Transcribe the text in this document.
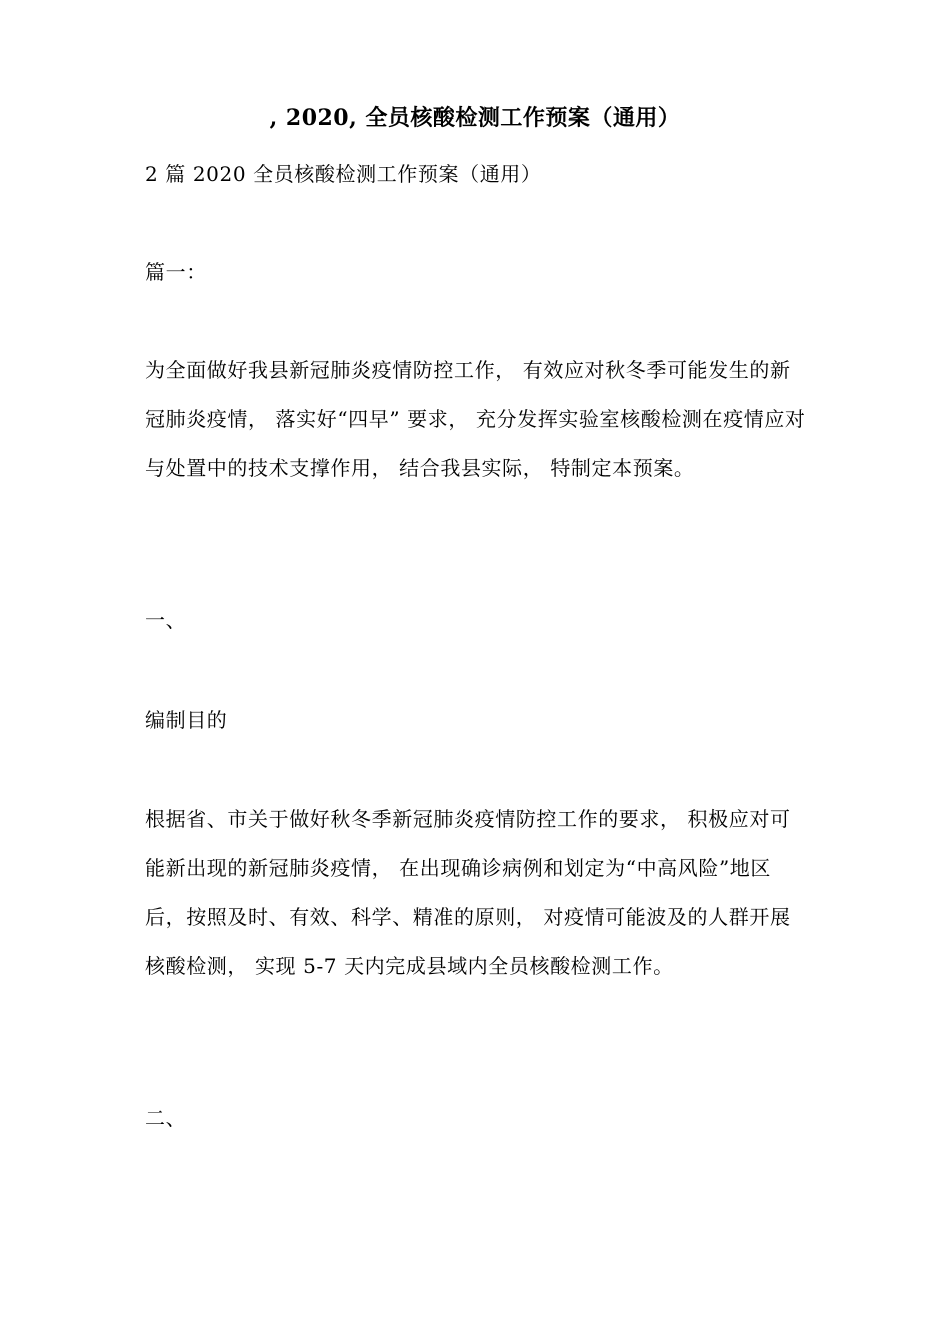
, 2020, 全员核酸检测工作预案（通用）
2 篇 2020 全员核酸检测工作预案（通用）
篇一：
为全面做好我县新冠肺炎疫情防控工作， 有效应对秋冬季可能发生的新冠肺炎疫情， 落实好“四早” 要求， 充分发挥实验室核酸检测在疫情应对与处置中的技术支撑作用， 结合我县实际， 特制定本预案。
一、
编制目的
根据省、市关于做好秋冬季新冠肺炎疫情防控工作的要求， 积极应对可能新出现的新冠肺炎疫情， 在出现确诊病例和划定为“中高风险”地区后，按照及时、有效、科学、精准的原则， 对疫情可能波及的人群开展核酸检测， 实现 5-7 天内完成县域内全员核酸检测工作。
二、
